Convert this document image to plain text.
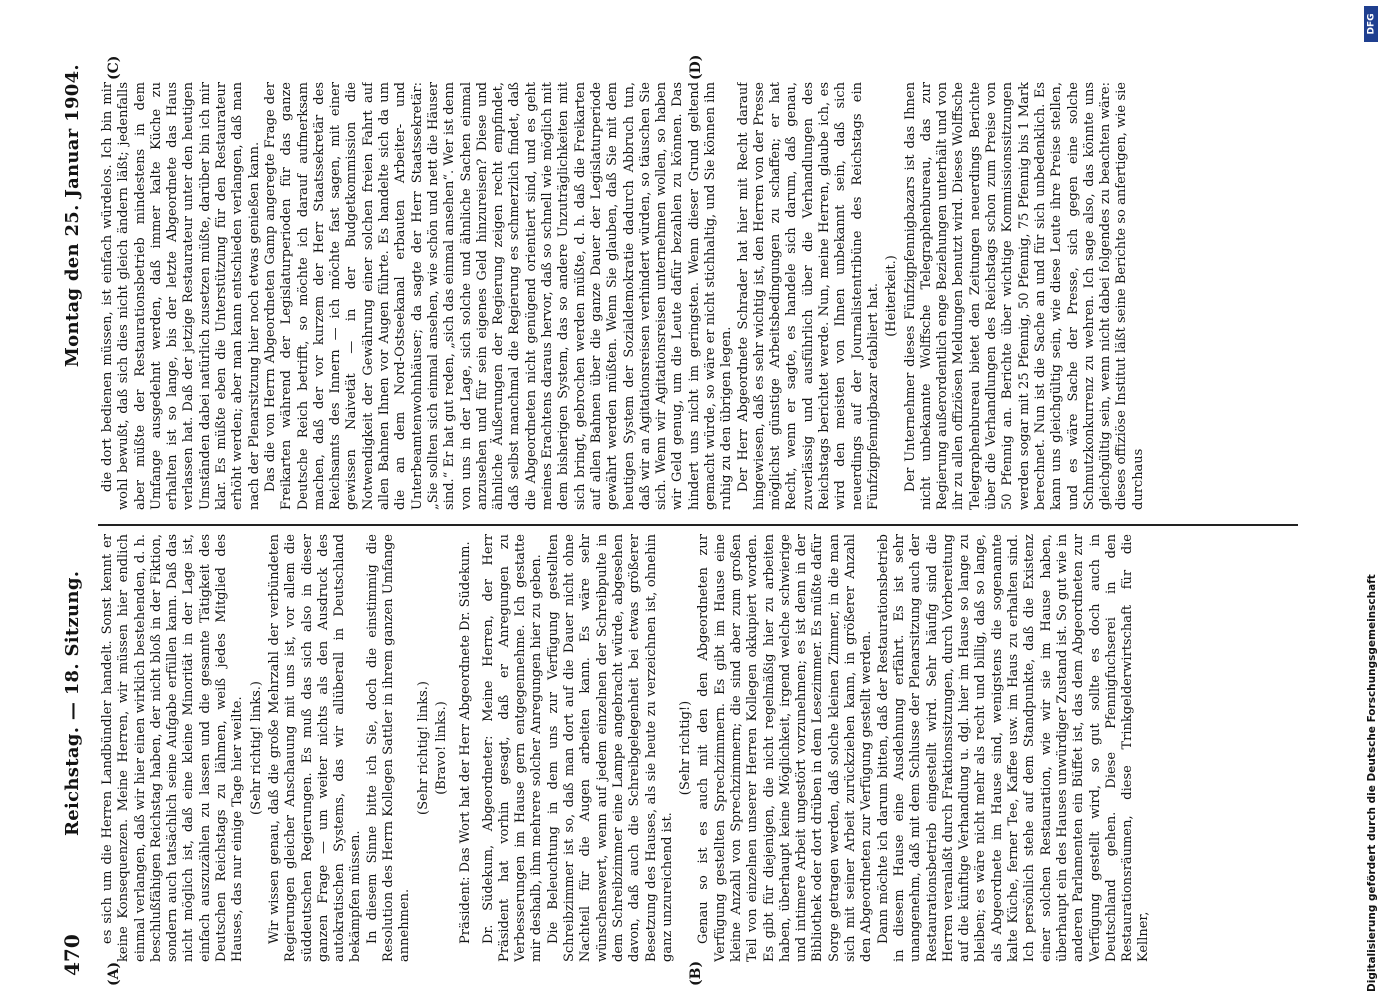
470
Reichstag. — 18. Sitzung.
Montag den 25. Januar 1904.
(A)	(B)
(C)	(D)

es sich um die Herren Landbündler handelt. Sonst kennt er keine Konsequenzen. Meine Herren, wir müssen hier endlich einmal verlangen, daß wir hier einen wirklich bestehenden, d. h. beschlußfähigen Reichstag haben, der nicht bloß in der Fiktion, sondern auch tatsächlich seine Aufgabe erfüllen kann. Daß das nicht möglich ist, daß eine kleine Minorität in der Lage ist, einfach auszuzählen zu lassen und die gesamte Tätigkeit des Deutschen Reichstags zu lähmen, weiß jedes Mitglied des Hauses, das nur einige Tage hier weilte. (Sehr richtig! links.) Wir wissen genau, daß die große Mehrzahl der verbündeten Regierungen gleicher Anschauung mit uns ist, vor allem die süddeutschen Regierungen. Es muß das sich also in dieser ganzen Frage — um weiter nichts als den Ausdruck des autokratischen Systems, das wir allüberall in Deutschland bekämpfen müssen. In diesem Sinne bitte ich Sie, doch die einstimmig die Resolution des Herrn Kollegen Sattler in ihrem ganzen Umfange annehmen.

(Sehr richtig! links.) (Bravo! links.) Präsident: Das Wort hat der Herr Abgeordnete Dr. Südekum. Dr. Südekum, Abgeordneter: Meine Herren, der Herr Präsident hat vorhin gesagt, daß er Anregungen zu Verbesserungen im Hause gern entgegennehme. Ich gestatte mir deshalb, ihm mehrere solcher Anregungen hier zu geben. Die Beleuchtung in dem uns zur Verfügung gestellten Schreibzimmer ist so, daß man dort auf die Dauer nicht ohne Nachteil für die Augen arbeiten kann. Es wäre sehr wünschenswert, wenn auf jedem einzelnen der Schreibpulte in dem Schreibzimmer eine Lampe angebracht würde, abgesehen davon, daß auch die Schreibgelegenheit bei etwas größerer Besetzung des Hauses, als sie heute zu verzeichnen ist, ohnehin ganz unzureichend ist.

(Sehr richtig!) Genau so ist es auch mit den den Abgeordneten zur Verfügung gestellten Sprechzimmern. Es gibt im Hause eine kleine Anzahl von Sprechzimmern; die sind aber zum großen Teil von einzelnen unserer Herren Kollegen okkupiert worden. Es gibt für diejenigen, die nicht regelmäßig hier zu arbeiten haben, überhaupt keine Möglichkeit, irgend welche schwierige und intimere Arbeit ungestört vorzunehmen; es ist denn in der Bibliothek oder dort drüben in dem Lesezimmer. Es müßte dafür Sorge getragen werden, daß solche kleinen Zimmer, in die man sich mit seiner Arbeit zurückziehen kann, in größerer Anzahl den Abgeordneten zur Verfügung gestellt werden. Dann möchte ich darum bitten, daß der Restaurationsbetrieb in diesem Hause eine Ausdehnung erfährt. Es ist sehr unangenehm, daß mit dem Schlusse der Plenarsitzung auch der Restaurationsbetrieb eingestellt wird. Sehr häufig sind die Herren veranlaßt durch Fraktionssitzungen, durch Vorbereitung auf die künftige Verhandlung u. dgl. hier im Hause so lange zu bleiben; es wäre nicht mehr als recht und billig, daß so lange, als Abgeordnete im Hause sind, wenigstens die sogenannte kalte Küche, ferner Tee, Kaffee usw. im Haus zu erhalten sind. Ich persönlich stehe auf dem Standpunkte, daß die Existenz einer solchen Restauration, wie wir sie im Hause haben, überhaupt ein des Hauses unwürdiger Zustand ist. So gut wie in anderen Parlamenten ein Büffet ist, das dem Abgeordneten zur Verfügung gestellt wird, so gut sollte es doch auch in Deutschland gehen. Diese Pfennigfuchserei in den Restaurationsräumen, diese Trinkgelderwirtschaft für die Kellner,

die dort bedienen müssen, ist einfach würdelos. Ich bin mir wohl bewußt, daß sich dies nicht gleich ändern läßt; jedenfalls aber müßte der Restaurationsbetrieb mindestens in dem Umfange ausgedehnt werden, daß immer kalte Küche zu erhalten ist so lange, bis der letzte Abgeordnete das Haus verlassen hat. Daß der jetzige Restaurateur unter den heutigen Umständen dabei natürlich zusetzen müßte, darüber bin ich mir klar. Es müßte eben die Unterstützung für den Restaurateur erhöht werden; aber man kann entschieden verlangen, daß man nach der Plenarsitzung hier noch etwas genießen kann. Das die von Herrn Abgeordneten Gamp angeregte Frage der Freikarten während der Legislaturperioden für das ganze Deutsche Reich betrifft, so möchte ich darauf aufmerksam machen, daß der vor kurzem der Herr Staatssekretär des Reichsamts des Innern — ich möchte fast sagen, mit einer gewissen Naivetät — in der Budgetkommission die Notwendigkeit der Gewährung einer solchen freien Fahrt auf allen Bahnen Ihnen vor Augen führte. Es handelte sich da um die an dem Nord-Ostseekanal erbauten Arbeiter- und Unterbeamtenwohnhäuser; da sagte der Herr Staatssekretär: „Sie sollten sich einmal ansehen, wie schön und nett die Häuser sind.“ Er hat gut reden, „sich das einmal ansehen“. Wer ist denn von uns in der Lage, sich solche und ähnliche Sachen einmal anzusehen und für sein eigenes Geld hinzureisen? Diese und ähnliche Äußerungen der Regierung zeigen recht empfindet, daß selbst manchmal die Regierung es schmerzlich findet, daß die Abgeordneten nicht genügend orientiert sind, und es geht meines Erachtens daraus hervor, daß so schnell wie möglich mit dem bisherigen System, das so andere Unzuträglichkeiten mit sich bringt, gebrochen werden müßte, d. h. daß die Freikarten auf allen Bahnen über die ganze Dauer der Legislaturperiode gewährt werden müßten. Wenn Sie glauben, daß Sie mit dem heutigen System der Sozialdemokratie dadurch Abbruch tun, daß wir an Agitationsreisen verhindert würden, so täuschen Sie sich. Wenn wir Agitationsreisen unternehmen wollen, so haben wir Geld genug, um die Leute dafür bezahlen zu können. Das hindert uns nicht im geringsten. Wenn dieser Grund geltend gemacht würde, so wäre er nicht stichhaltig, und Sie können ihn ruhig zu den übrigen legen. Der Herr Abgeordnete Schrader hat hier mit Recht darauf hingewiesen, daß es sehr wichtig ist, den Herren von der Presse möglichst günstige Arbeitsbedingungen zu schaffen; er hat Recht, wenn er sagte, es handele sich darum, daß genau, zuverlässig und ausführlich über die Verhandlungen des Reichstags berichtet werde. Nun, meine Herren, glaube ich, es wird den meisten von Ihnen unbekannt sein, daß sich neuerdings auf der Journalistentribüne des Reichstags ein Fünfzigpfennigbazar etabliert hat. (Heiterkeit.) Der Unternehmer dieses Fünfzigpfennigbazars ist das Ihnen nicht unbekannte Wolffsche Telegraphenbureau, das zur Regierung außerordentlich enge Beziehungen unterhält und von ihr zu allen offiziösen Meldungen benutzt wird. Dieses Wolffsche Telegraphenbureau bietet den Zeitungen neuerdings Berichte über die Verhandlungen des Reichstags schon zum Preise von 50 Pfennig an. Berichte über wichtige Kommissionssitzungen werden sogar mit 25 Pfennig, 50 Pfennig, 75 Pfennig bis 1 Mark berechnet. Nun ist die Sache an und für sich unbedenklich. Es kann uns gleichgültig sein, wie diese Leute ihre Preise stellen, und es wäre Sache der Presse, sich gegen eine solche Schmutzkonkurrenz zu wehren. Ich sage also, das könnte uns gleichgültig sein, wenn nicht dabei folgendes zu beachten wäre: dieses offiziöse Institut läßt seine Berichte so anfertigen, wie sie durchaus

DFG
Digitalisierung gefördert durch die Deutsche Forschungsgemeinschaft
